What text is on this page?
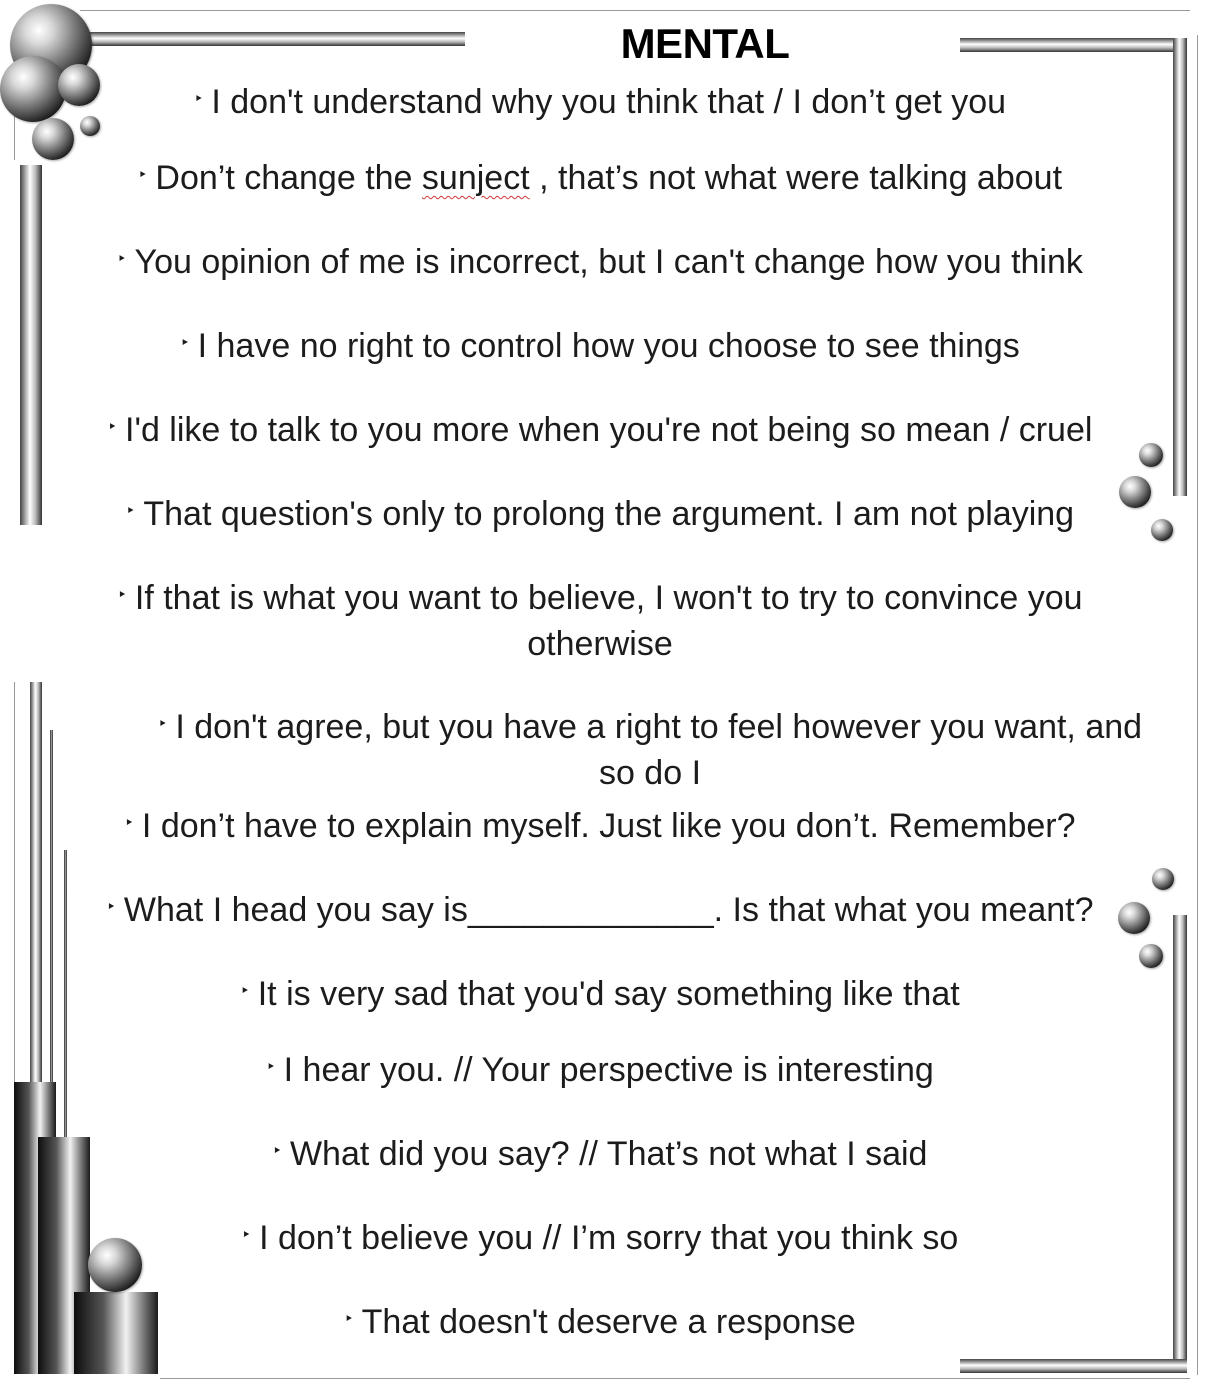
MENTAL
‣ I don't understand why you think that / I don’t get you
‣ Don’t change the sunject , that’s not what were talking about
‣ You opinion of me is incorrect, but I can't change how you think
‣ I have no right to control how you choose to see things
‣ I'd like to talk to you more when you're not being so mean / cruel
‣ That question's only to prolong the argument. I am not playing
‣ If that is what you want to believe, I won't to try to convince you otherwise
‣ I don't agree, but you have a right to feel however you want, and so do I
‣ I don’t have to explain myself. Just like you don’t. Remember?
‣ What I head you say is_____________. Is that what you meant?
‣ It is very sad that you'd say something like that
‣ I hear you. // Your perspective is interesting
‣ What did you say? // That’s not what I said
‣ I don’t believe you // I’m sorry that you think so
‣ That doesn't deserve a response
